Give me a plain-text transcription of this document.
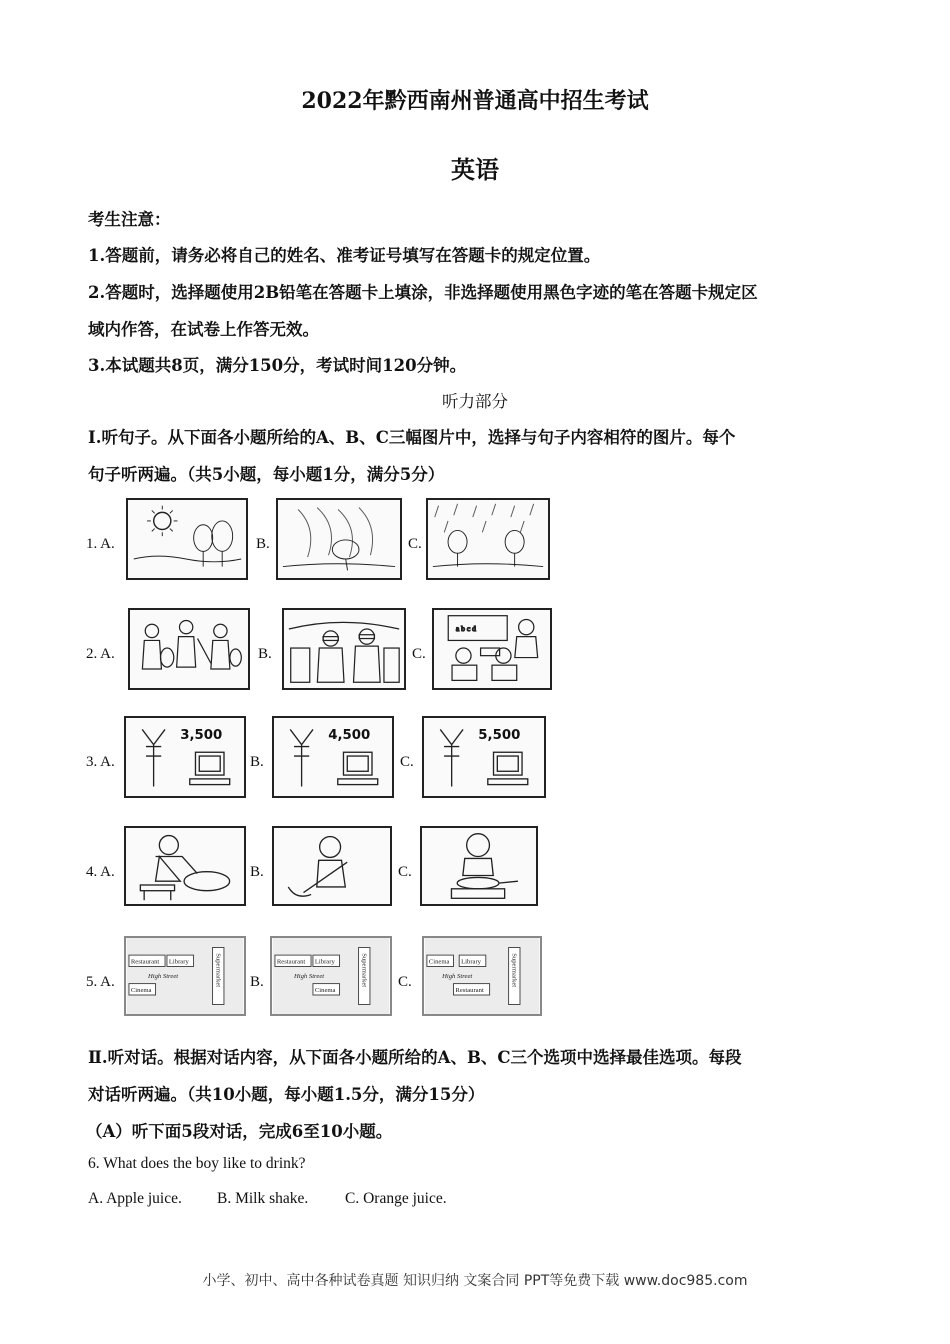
2022年黔西南州普通高中招生考试
英语
考生注意：
1.答题前，请务必将自己的姓名、准考证号填写在答题卡的规定位置。
2.答题时，选择题使用2B铅笔在答题卡上填涂，非选择题使用黑色字迹的笔在答题卡规定区
域内作答，在试卷上作答无效。
3.本试题共8页，满分150分，考试时间120分钟。
听力部分
Ⅰ.听句子。从下面各小题所给的A、B、C三幅图片中，选择与句子内容相符的图片。每个
句子听两遍。（共5小题，每小题1分，满分5分）
1. A.	B.	C.
2. A.	B.	C.
a b c d
3. A.
3,500
B.
4,500
C.
5,500
4. A.	B.	C.
5. A.
Restaurant Library
High Street
Cinema
Supermarket B.
Restaurant Library
High Street
Cinema
Supermarket C.
Cinema Library
High Street
Restaurant
Supermarket
Ⅱ.听对话。根据对话内容，从下面各小题所给的A、B、C三个选项中选择最佳选项。每段
对话听两遍。（共10小题，每小题1.5分，满分15分）
（A）听下面5段对话，完成6至10小题。
6. What does the boy like to drink?
A. Apple juice. B. Milk shake. C. Orange juice.
小学、初中、高中各种试卷真题 知识归纳 文案合同 PPT等免费下载 www.doc985.com
